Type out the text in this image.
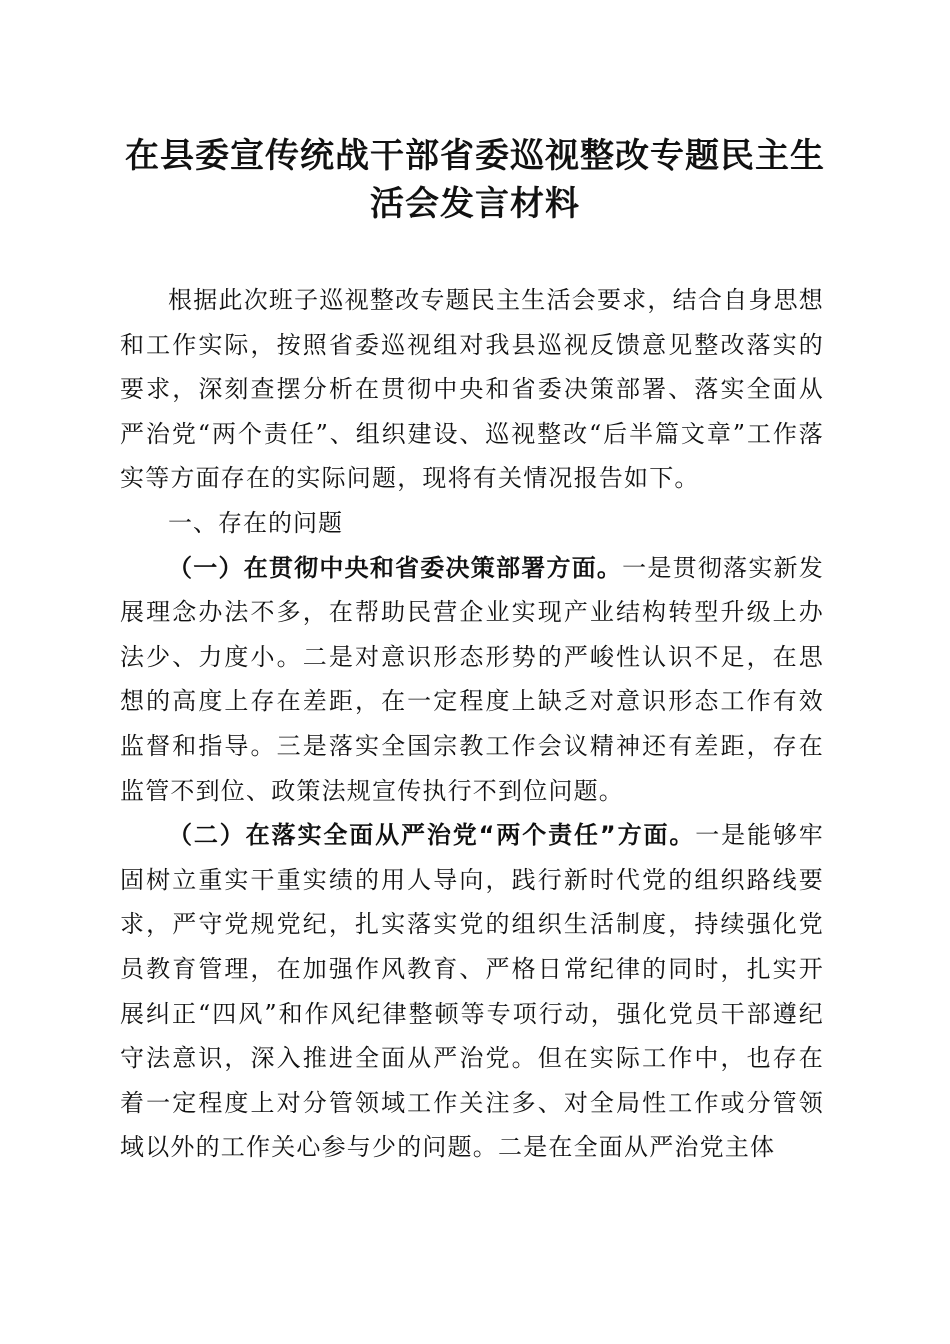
在县委宣传统战干部省委巡视整改专题民主生
活会发言材料

根据此次班子巡视整改专题民主生活会要求，结合自身思想和工作实际，按照省委巡视组对我县巡视反馈意见整改落实的要求，深刻查摆分析在贯彻中央和省委决策部署、落实全面从严治党“两个责任”、组织建设、巡视整改“后半篇文章”工作落实等方面存在的实际问题，现将有关情况报告如下。

一、存在的问题

（一）在贯彻中央和省委决策部署方面。一是贯彻落实新发展理念办法不多，在帮助民营企业实现产业结构转型升级上办法少、力度小。二是对意识形态形势的严峻性认识不足，在思想的高度上存在差距，在一定程度上缺乏对意识形态工作有效监督和指导。三是落实全国宗教工作会议精神还有差距，存在监管不到位、政策法规宣传执行不到位问题。

（二）在落实全面从严治党“两个责任”方面。一是能够牢固树立重实干重实绩的用人导向，践行新时代党的组织路线要求，严守党规党纪，扎实落实党的组织生活制度，持续强化党员教育管理，在加强作风教育、严格日常纪律的同时，扎实开展纠正“四风”和作风纪律整顿等专项行动，强化党员干部遵纪守法意识，深入推进全面从严治党。但在实际工作中，也存在着一定程度上对分管领域工作关注多、对全局性工作或分管领域以外的工作关心参与少的问题。二是在全面从严治党主体
